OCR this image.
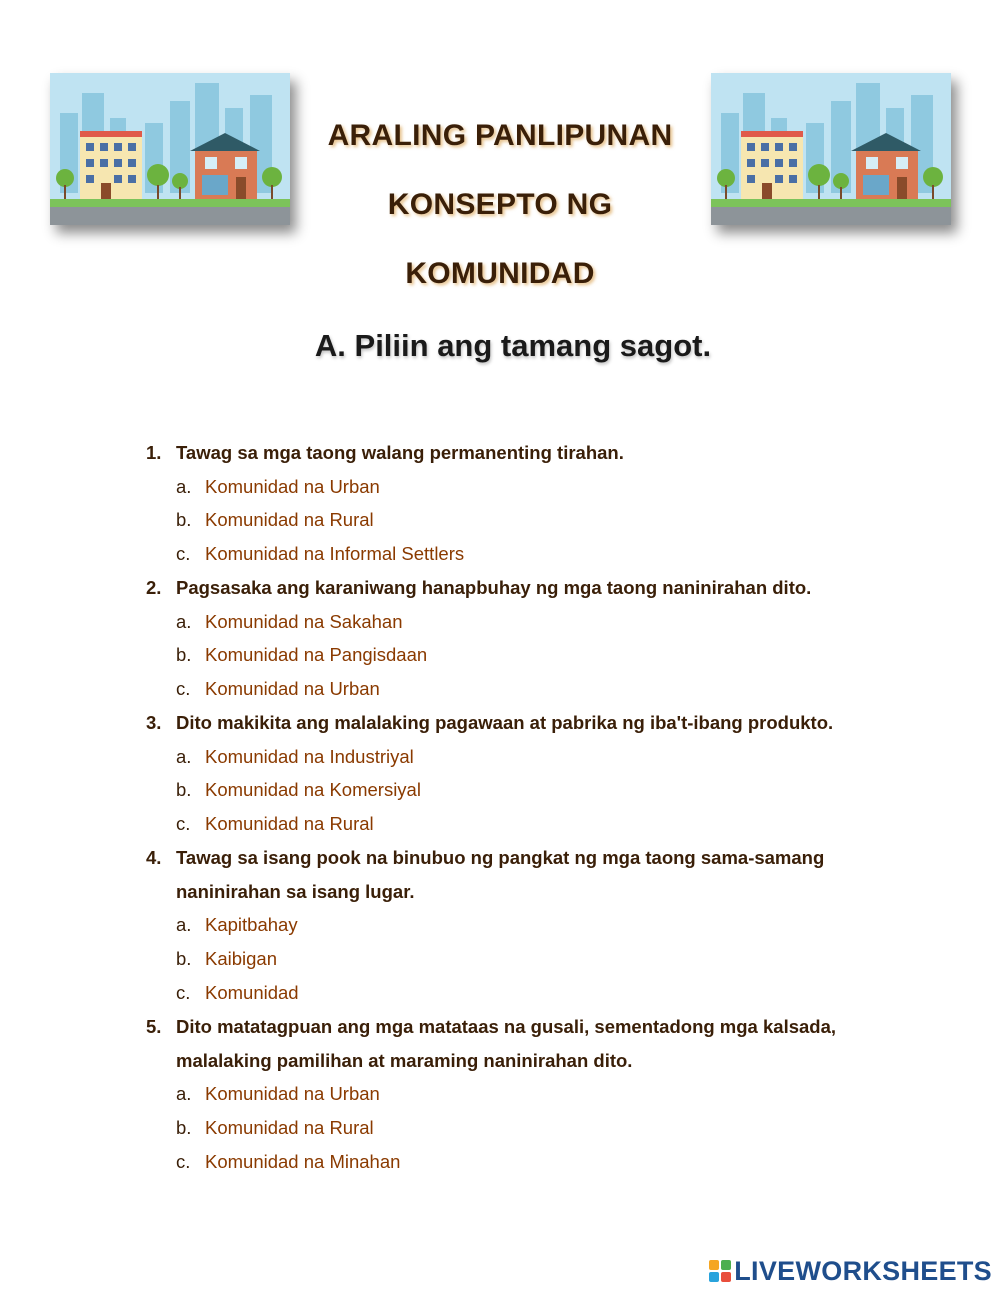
ARALING PANLIPUNAN
KONSEPTO NG
KOMUNIDAD
A. Piliin ang tamang sagot.
1. Tawag sa mga taong walang permanenting tirahan.
a. Komunidad na Urban
b. Komunidad na Rural
c. Komunidad na Informal Settlers
2. Pagsasaka ang karaniwang hanapbuhay ng mga taong naninirahan dito.
a. Komunidad na Sakahan
b. Komunidad na Pangisdaan
c. Komunidad na Urban
3. Dito makikita ang malalaking pagawaan at pabrika ng iba't-ibang produkto.
a. Komunidad na Industriyal
b. Komunidad na Komersiyal
c. Komunidad na Rural
4. Tawag sa isang pook na binubuo ng pangkat ng mga taong sama-samang
naninirahan sa isang lugar.
a. Kapitbahay
b. Kaibigan
c. Komunidad
5. Dito matatagpuan ang mga matataas na gusali, sementadong mga kalsada,
malalaking pamilihan at maraming naninirahan dito.
a. Komunidad na Urban
b. Komunidad na Rural
c. Komunidad na Minahan
LIVEWORKSHEETS
